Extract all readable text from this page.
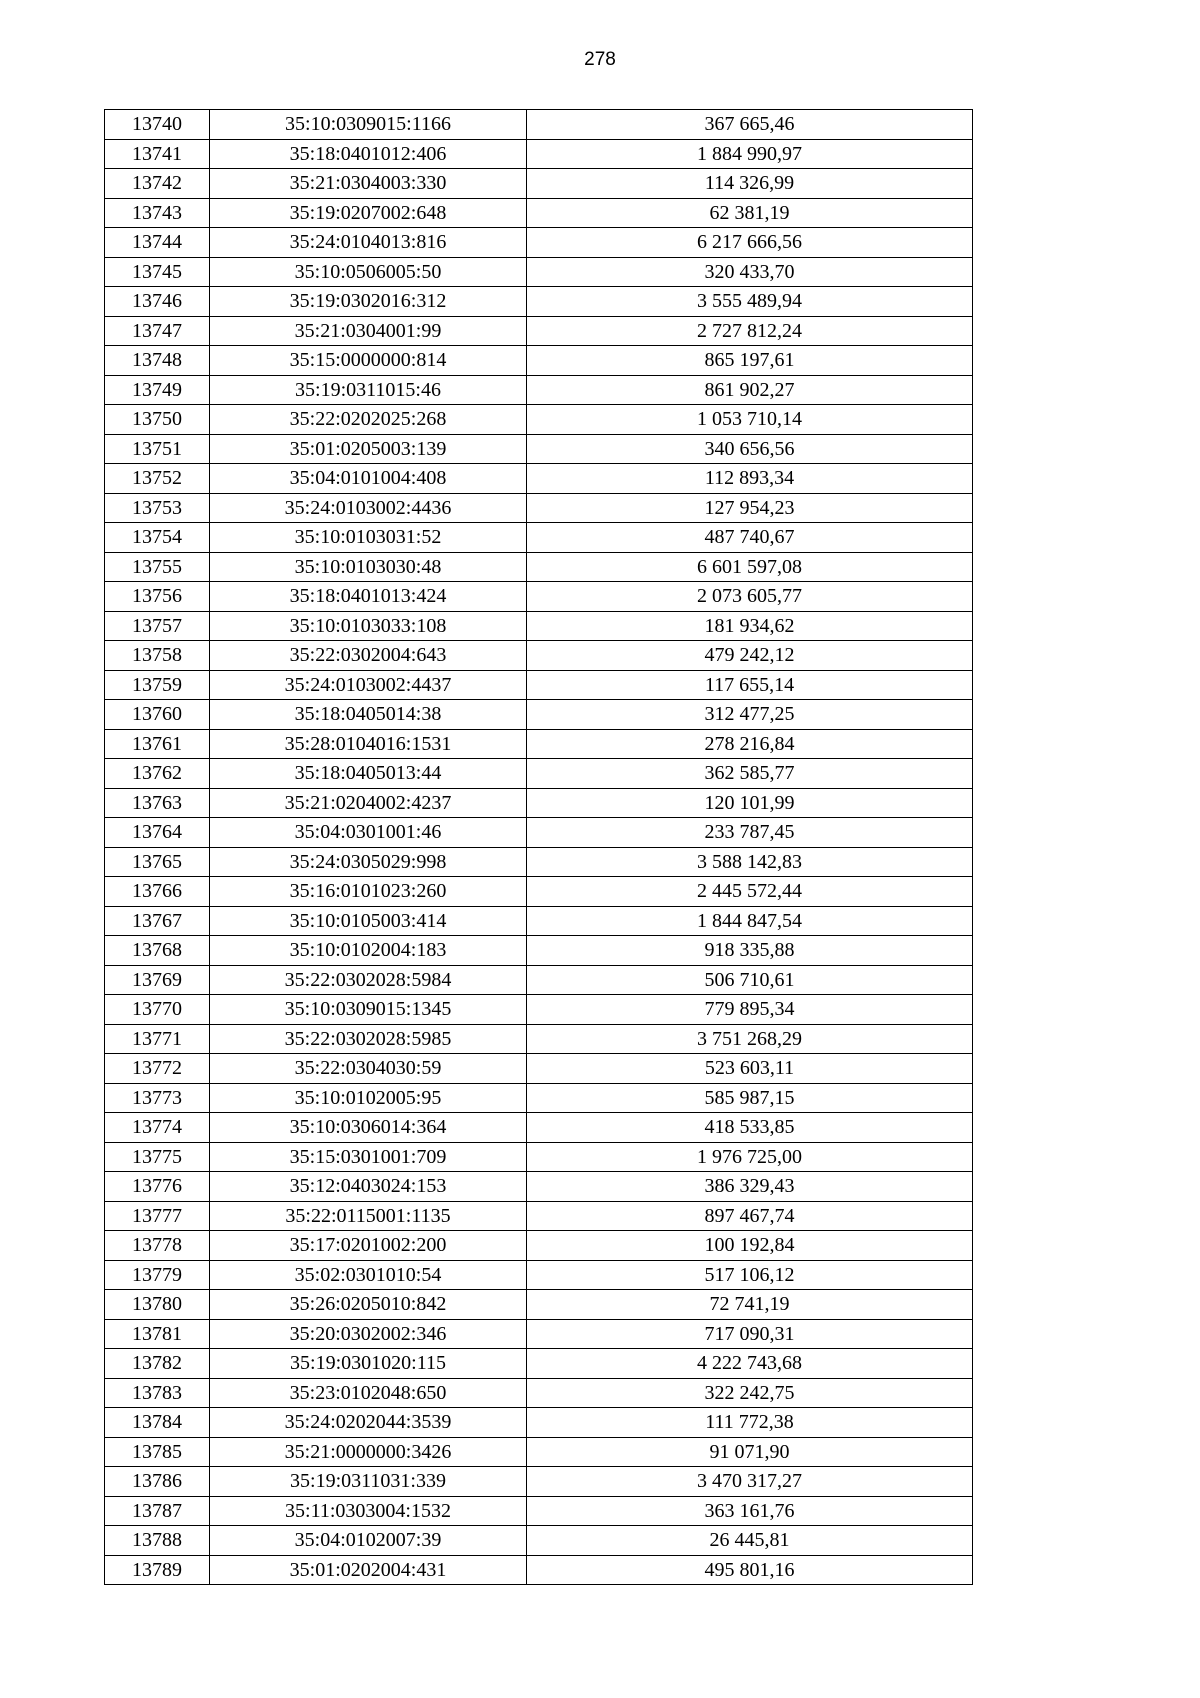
278
13740	35:10:0309015:1166	367 665,46
13741	35:18:0401012:406	1 884 990,97
13742	35:21:0304003:330	114 326,99
13743	35:19:0207002:648	62 381,19
13744	35:24:0104013:816	6 217 666,56
13745	35:10:0506005:50	320 433,70
13746	35:19:0302016:312	3 555 489,94
13747	35:21:0304001:99	2 727 812,24
13748	35:15:0000000:814	865 197,61
13749	35:19:0311015:46	861 902,27
13750	35:22:0202025:268	1 053 710,14
13751	35:01:0205003:139	340 656,56
13752	35:04:0101004:408	112 893,34
13753	35:24:0103002:4436	127 954,23
13754	35:10:0103031:52	487 740,67
13755	35:10:0103030:48	6 601 597,08
13756	35:18:0401013:424	2 073 605,77
13757	35:10:0103033:108	181 934,62
13758	35:22:0302004:643	479 242,12
13759	35:24:0103002:4437	117 655,14
13760	35:18:0405014:38	312 477,25
13761	35:28:0104016:1531	278 216,84
13762	35:18:0405013:44	362 585,77
13763	35:21:0204002:4237	120 101,99
13764	35:04:0301001:46	233 787,45
13765	35:24:0305029:998	3 588 142,83
13766	35:16:0101023:260	2 445 572,44
13767	35:10:0105003:414	1 844 847,54
13768	35:10:0102004:183	918 335,88
13769	35:22:0302028:5984	506 710,61
13770	35:10:0309015:1345	779 895,34
13771	35:22:0302028:5985	3 751 268,29
13772	35:22:0304030:59	523 603,11
13773	35:10:0102005:95	585 987,15
13774	35:10:0306014:364	418 533,85
13775	35:15:0301001:709	1 976 725,00
13776	35:12:0403024:153	386 329,43
13777	35:22:0115001:1135	897 467,74
13778	35:17:0201002:200	100 192,84
13779	35:02:0301010:54	517 106,12
13780	35:26:0205010:842	72 741,19
13781	35:20:0302002:346	717 090,31
13782	35:19:0301020:115	4 222 743,68
13783	35:23:0102048:650	322 242,75
13784	35:24:0202044:3539	111 772,38
13785	35:21:0000000:3426	91 071,90
13786	35:19:0311031:339	3 470 317,27
13787	35:11:0303004:1532	363 161,76
13788	35:04:0102007:39	26 445,81
13789	35:01:0202004:431	495 801,16
